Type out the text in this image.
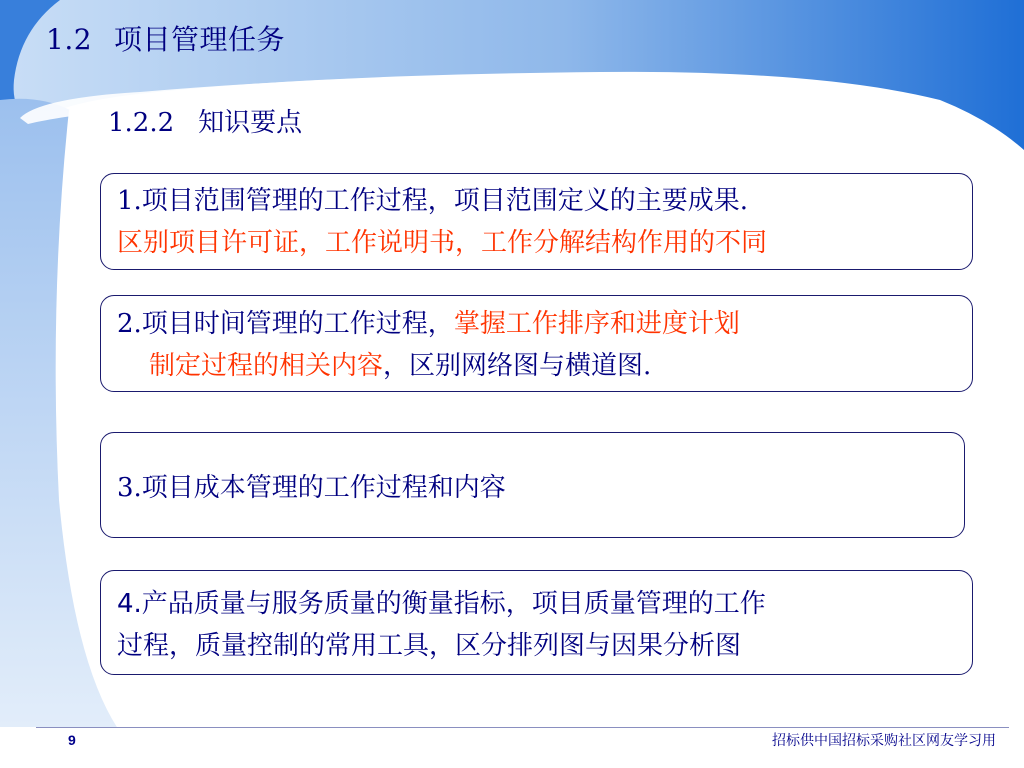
1.2 项目管理任务
1.2.2 知识要点
1.项目范围管理的工作过程，项目范围定义的主要成果.
区别项目许可证，工作说明书，工作分解结构作用的不同
2.项目时间管理的工作过程，掌握工作排序和进度计划
制定过程的相关内容，区别网络图与横道图.
3.项目成本管理的工作过程和内容
4.产品质量与服务质量的衡量指标，项目质量管理的工作
过程，质量控制的常用工具，区分排列图与因果分析图
9	招标供中国招标采购社区网友学习用
